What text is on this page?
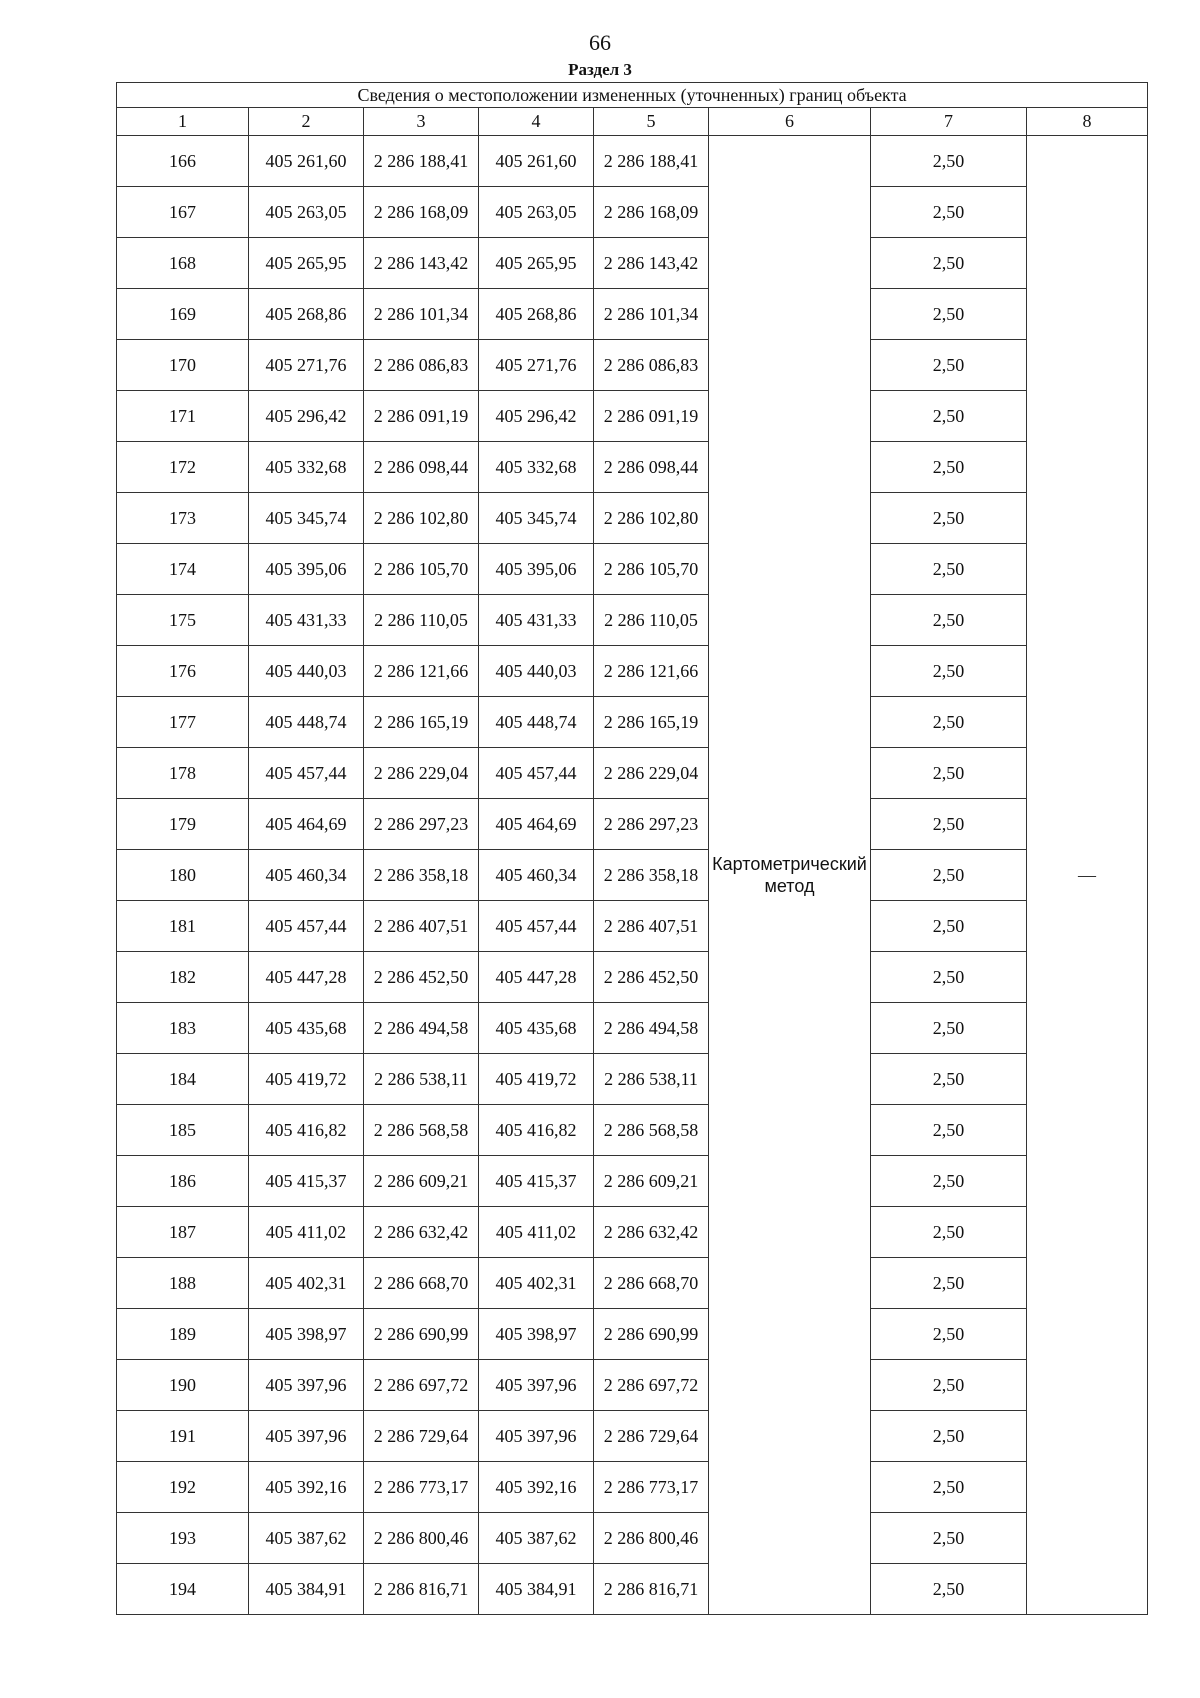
66
Раздел 3
Сведения о местоположении измененных (уточненных) границ объекта							
1	2	3	4	5	6	7	8
166	405 261,60	2 286 188,41	405 261,60	2 286 188,41	Картометрический метод	2,50	—
167	405 263,05	2 286 168,09	405 263,05	2 286 168,09		2,50	
168	405 265,95	2 286 143,42	405 265,95	2 286 143,42		2,50	
169	405 268,86	2 286 101,34	405 268,86	2 286 101,34		2,50	
170	405 271,76	2 286 086,83	405 271,76	2 286 086,83		2,50	
171	405 296,42	2 286 091,19	405 296,42	2 286 091,19		2,50	
172	405 332,68	2 286 098,44	405 332,68	2 286 098,44		2,50	
173	405 345,74	2 286 102,80	405 345,74	2 286 102,80		2,50	
174	405 395,06	2 286 105,70	405 395,06	2 286 105,70		2,50	
175	405 431,33	2 286 110,05	405 431,33	2 286 110,05		2,50	
176	405 440,03	2 286 121,66	405 440,03	2 286 121,66		2,50	
177	405 448,74	2 286 165,19	405 448,74	2 286 165,19		2,50	
178	405 457,44	2 286 229,04	405 457,44	2 286 229,04		2,50	
179	405 464,69	2 286 297,23	405 464,69	2 286 297,23		2,50	
180	405 460,34	2 286 358,18	405 460,34	2 286 358,18		2,50	
181	405 457,44	2 286 407,51	405 457,44	2 286 407,51		2,50	
182	405 447,28	2 286 452,50	405 447,28	2 286 452,50		2,50	
183	405 435,68	2 286 494,58	405 435,68	2 286 494,58		2,50	
184	405 419,72	2 286 538,11	405 419,72	2 286 538,11		2,50	
185	405 416,82	2 286 568,58	405 416,82	2 286 568,58		2,50	
186	405 415,37	2 286 609,21	405 415,37	2 286 609,21		2,50	
187	405 411,02	2 286 632,42	405 411,02	2 286 632,42		2,50	
188	405 402,31	2 286 668,70	405 402,31	2 286 668,70		2,50	
189	405 398,97	2 286 690,99	405 398,97	2 286 690,99		2,50	
190	405 397,96	2 286 697,72	405 397,96	2 286 697,72		2,50	
191	405 397,96	2 286 729,64	405 397,96	2 286 729,64		2,50	
192	405 392,16	2 286 773,17	405 392,16	2 286 773,17		2,50	
193	405 387,62	2 286 800,46	405 387,62	2 286 800,46		2,50	
194	405 384,91	2 286 816,71	405 384,91	2 286 816,71		2,50	
